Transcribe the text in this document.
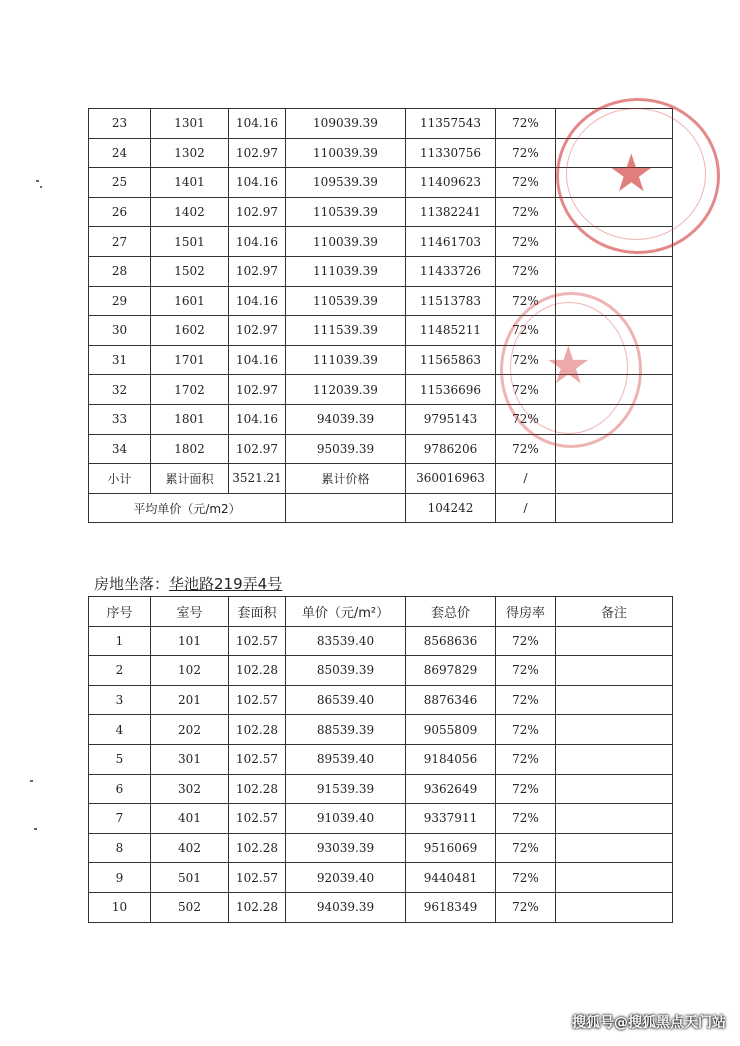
23	1301	104.16	109039.39	11357543	72%	
24	1302	102.97	110039.39	11330756	72%	
25	1401	104.16	109539.39	11409623	72%	
26	1402	102.97	110539.39	11382241	72%	
27	1501	104.16	110039.39	11461703	72%	
28	1502	102.97	111039.39	11433726	72%	
29	1601	104.16	110539.39	11513783	72%	
30	1602	102.97	111539.39	11485211	72%	
31	1701	104.16	111039.39	11565863	72%	
32	1702	102.97	112039.39	11536696	72%	
33	1801	104.16	94039.39	9795143	72%	
34	1802	102.97	95039.39	9786206	72%	
小计	累计面积	3521.21	累计价格	360016963	/	
平均单价（元/m2）				104242	/	
★
★
房地坐落：华池路219弄4号
序号	室号	套面积	单价（元/m²）	套总价	得房率	备注
1	101	102.57	83539.40	8568636	72%	
2	102	102.28	85039.39	8697829	72%	
3	201	102.57	86539.40	8876346	72%	
4	202	102.28	88539.39	9055809	72%	
5	301	102.57	89539.40	9184056	72%	
6	302	102.28	91539.39	9362649	72%	
7	401	102.57	91039.40	9337911	72%	
8	402	102.28	93039.39	9516069	72%	
9	501	102.57	92039.40	9440481	72%	
10	502	102.28	94039.39	9618349	72%	
搜狐号@搜狐黑点天门站
